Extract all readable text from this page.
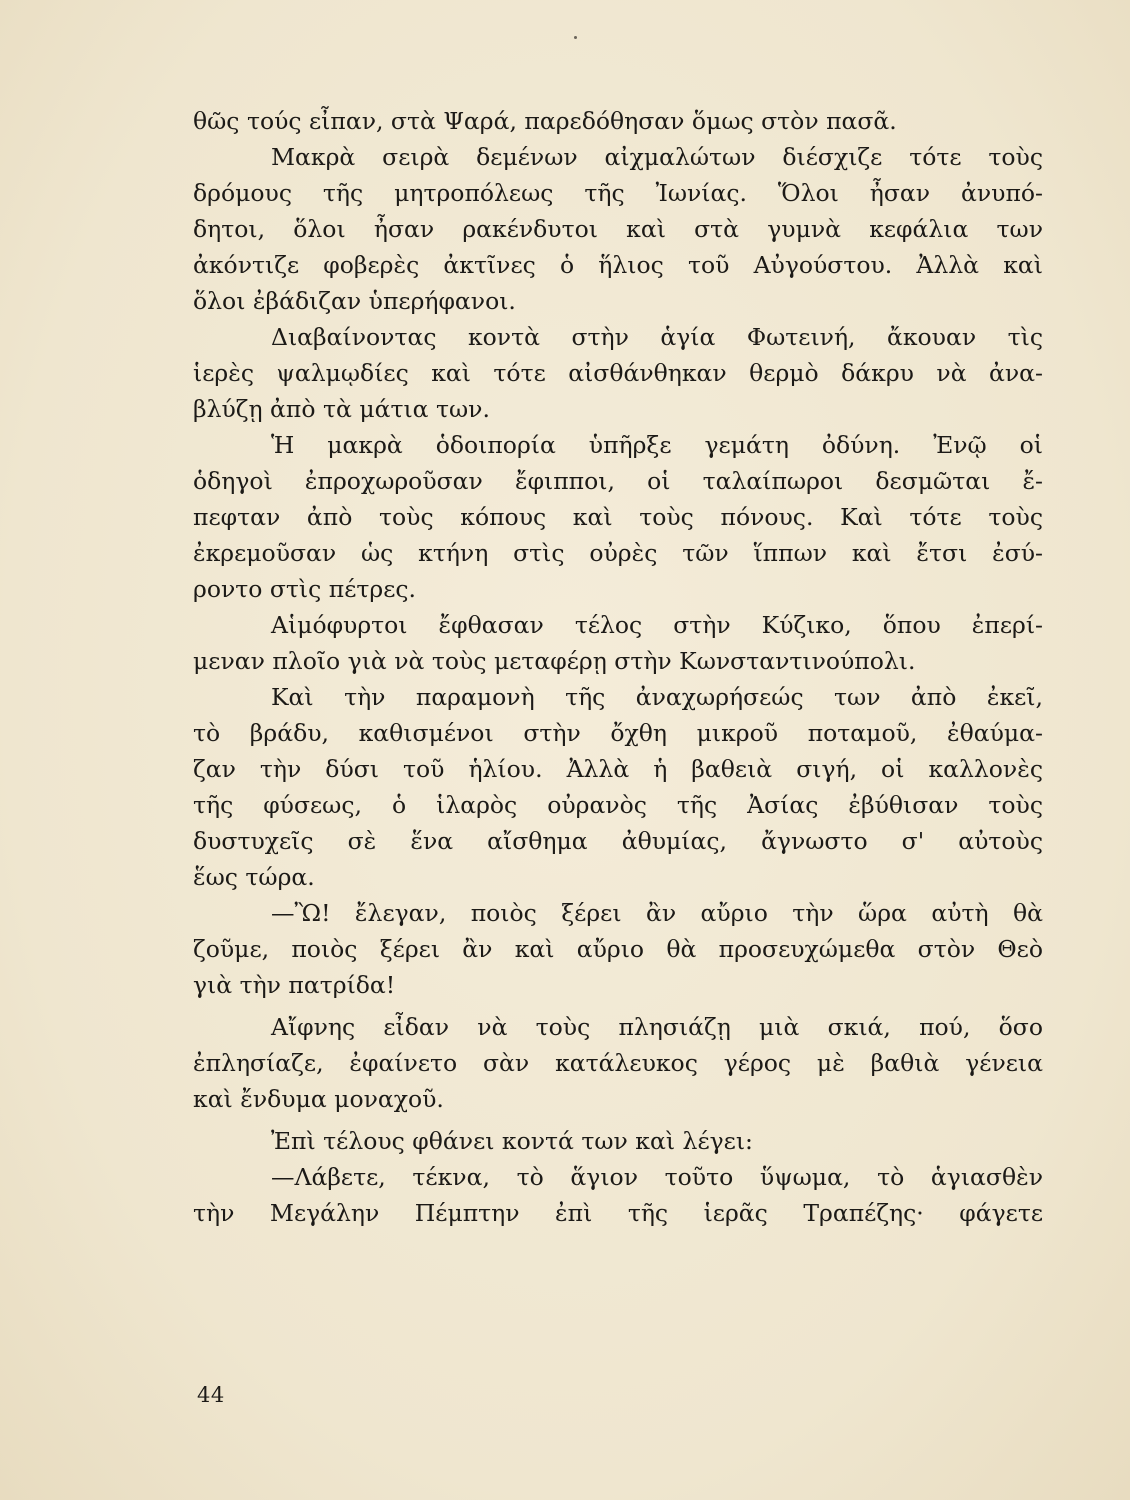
θῶς τούς εἶπαν, στὰ Ψαρά, παρεδόθησαν ὅμως στὸν πασᾶ.
Μακρὰ σειρὰ δεμένων αἰχμαλώτων διέσχιζε τότε τοὺς
δρόμους τῆς μητροπόλεως τῆς Ἰωνίας. Ὅλοι ἦσαν ἀνυπό-
δητοι, ὅλοι ἦσαν ρακένδυτοι καὶ στὰ γυμνὰ κεφάλια των
ἀκόντιζε φοβερὲς ἀκτῖνες ὁ ἥλιος τοῦ Αὐγούστου. Ἀλλὰ καὶ
ὅλοι ἐβάδιζαν ὑπερήφανοι.
Διαβαίνοντας κοντὰ στὴν ἁγία Φωτεινή, ἄκουαν τὶς
ἱερὲς ψαλμῳδίες καὶ τότε αἰσθάνθηκαν θερμὸ δάκρυ νὰ ἀνα-
βλύζῃ ἀπὸ τὰ μάτια των.
Ἡ μακρὰ ὁδοιπορία ὑπῆρξε γεμάτη ὀδύνη. Ἐνῷ οἱ
ὁδηγοὶ ἐπροχωροῦσαν ἔφιπποι, οἱ ταλαίπωροι δεσμῶται ἔ-
πεφταν ἀπὸ τοὺς κόπους καὶ τοὺς πόνους. Καὶ τότε τοὺς
ἐκρεμοῦσαν ὡς κτήνη στὶς οὐρὲς τῶν ἵππων καὶ ἔτσι ἐσύ-
ροντο στὶς πέτρες.
Αἱμόφυρτοι ἔφθασαν τέλος στὴν Κύζικο, ὅπου ἐπερί-
μεναν πλοῖο γιὰ νὰ τοὺς μεταφέρῃ στὴν Κωνσταντινούπολι.
Καὶ τὴν παραμονὴ τῆς ἀναχωρήσεώς των ἀπὸ ἐκεῖ,
τὸ βράδυ, καθισμένοι στὴν ὄχθη μικροῦ ποταμοῦ, ἐθαύμα-
ζαν τὴν δύσι τοῦ ἡλίου. Ἀλλὰ ἡ βαθειὰ σιγή, οἱ καλλονὲς
τῆς φύσεως, ὁ ἱλαρὸς οὐρανὸς τῆς Ἀσίας ἐβύθισαν τοὺς
δυστυχεῖς σὲ ἕνα αἴσθημα ἀθυμίας, ἄγνωστο σ' αὐτοὺς
ἕως τώρα.
—Ὢ! ἔλεγαν, ποιὸς ξέρει ἂν αὔριο τὴν ὥρα αὐτὴ θὰ
ζοῦμε, ποιὸς ξέρει ἂν καὶ αὔριο θὰ προσευχώμεθα στὸν Θεὸ
γιὰ τὴν πατρίδα!
Αἴφνης εἶδαν νὰ τοὺς πλησιάζῃ μιὰ σκιά, πού, ὅσο
ἐπλησίαζε, ἐφαίνετο σὰν κατάλευκος γέρος μὲ βαθιὰ γένεια
καὶ ἔνδυμα μοναχοῦ.
Ἐπὶ τέλους φθάνει κοντά των καὶ λέγει:
—Λάβετε, τέκνα, τὸ ἅγιον τοῦτο ὕψωμα, τὸ ἁγιασθὲν
τὴν Μεγάλην Πέμπτην ἐπὶ τῆς ἱερᾶς Τραπέζης· φάγετε
44
